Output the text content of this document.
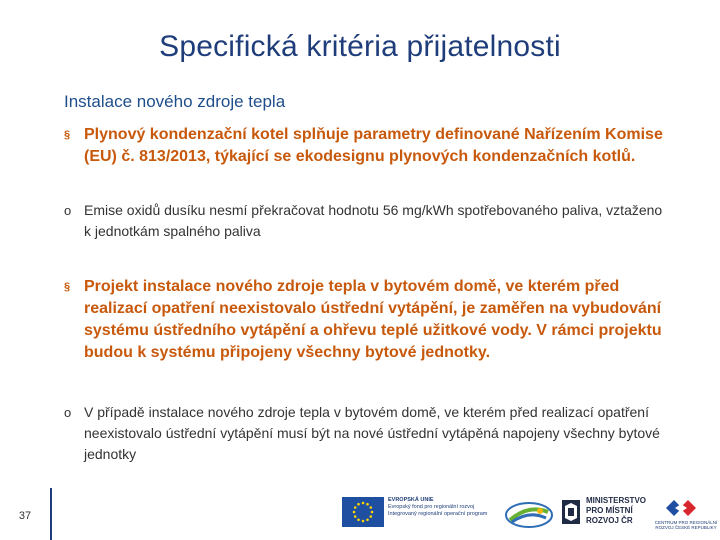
Specifická kritéria přijatelnosti
Instalace nového zdroje tepla
§ Plynový kondenzační kotel splňuje parametry definované Nařízením Komise (EU) č. 813/2013, týkající se ekodesignu plynových kondenzačních kotlů.
o Emise oxidů dusíku nesmí překračovat hodnotu 56 mg/kWh spotřebovaného paliva, vztaženo k jednotkám spalného paliva
§ Projekt instalace nového zdroje tepla v bytovém domě, ve kterém před realizací opatření neexistovalo ústřední vytápění, je zaměřen na vybudování systému ústředního vytápění a ohřevu teplé užitkové vody. V rámci projektu budou k systému připojeny všechny bytové jednotky.
o V případě instalace nového zdroje tepla v bytovém domě, ve kterém před realizací opatření neexistovalo ústřední vytápění musí být na nové ústřední vytápěná napojeny všechny bytové jednotky
37
EVROPSKÁ UNIE
Evropský fond pro regionální rozvoj
Integrovaný regionální operační program
MINISTERSTVO
PRO MÍSTNÍ
ROZVOJ ČR	CENTRUM PRO REGIONÁLNÍ ROZVOJ ČESKÉ REPUBLIKY
